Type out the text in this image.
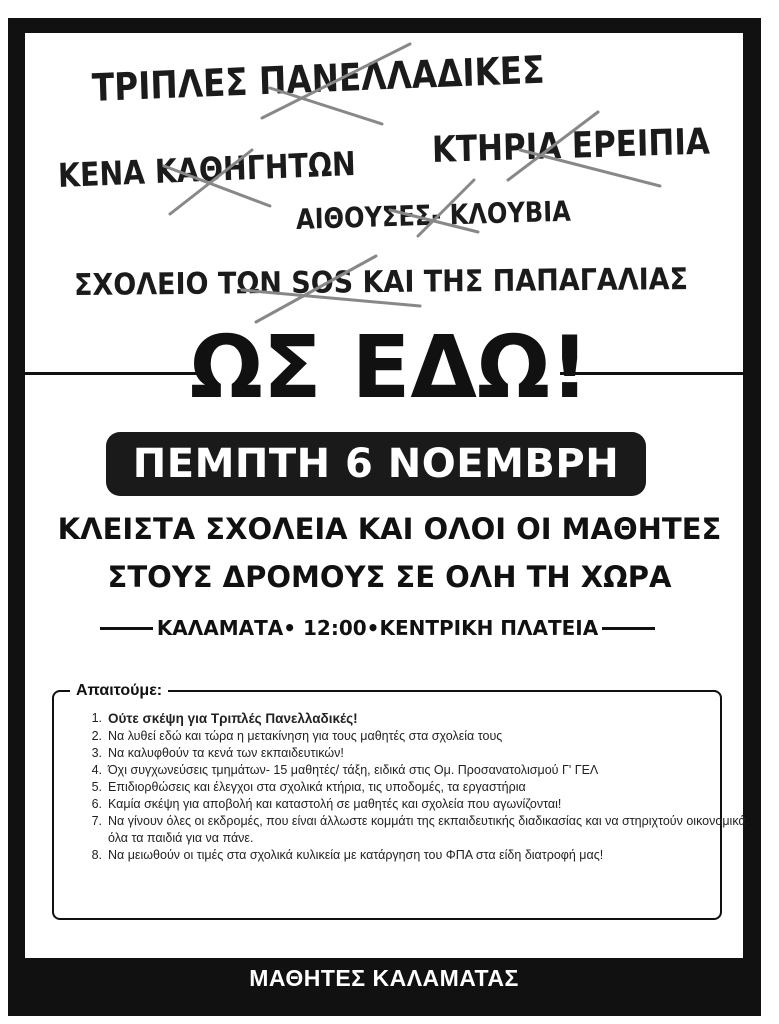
ΤΡΙΠΛΕΣ ΠΑΝΕΛΛΑΔΙΚΕΣ
ΚΕΝΑ ΚΑΘΗΓΗΤΩΝ ΚΤΗΡΙΑ ΕΡΕΙΠΙΑ
ΑΙΘΟΥΣΕΣ- ΚΛΟΥΒΙΑ
ΣΧΟΛΕΙΟ ΤΩΝ SOS ΚΑΙ ΤΗΣ ΠΑΠΑΓΑΛΙΑΣ
ΩΣ ΕΔΩ!
ΠΕΜΠΤΗ 6 ΝΟΕΜΒΡΗ
ΚΛΕΙΣΤΑ ΣΧΟΛΕΙΑ ΚΑΙ ΟΛΟΙ ΟΙ ΜΑΘΗΤΕΣ
ΣΤΟΥΣ ΔΡΟΜΟΥΣ ΣΕ ΟΛΗ ΤΗ ΧΩΡΑ
ΚΑΛΑΜΑΤΑ• 12:00•ΚΕΝΤΡΙΚΗ ΠΛΑΤΕΙΑ
Απαιτούμε:
1. Ούτε σκέψη για Τριπλές Πανελλαδικές!
2. Να λυθεί εδώ και τώρα η μετακίνηση για τους μαθητές στα σχολεία τους
3. Να καλυφθούν τα κενά των εκπαιδευτικών!
4. Όχι συγχωνεύσεις τμημάτων- 15 μαθητές/ τάξη, ειδικά στις Ομ. Προσανατολισμού Γ' ΓΕΛ
5. Επιδιορθώσεις και έλεγχοι στα σχολικά κτήρια, τις υποδομές, τα εργαστήρια
6. Καμία σκέψη για αποβολή και καταστολή σε μαθητές και σχολεία που αγωνίζονται!
7. Να γίνουν όλες οι εκδρομές, που είναι άλλωστε κομμάτι της εκπαιδευτικής διαδικασίας και να στηριχτούν οικονομικά όλα τα παιδιά για να πάνε.
8. Να μειωθούν οι τιμές στα σχολικά κυλικεία με κατάργηση του ΦΠΑ στα είδη διατροφή μας!
ΜΑΘΗΤΕΣ ΚΑΛΑΜΑΤΑΣ
